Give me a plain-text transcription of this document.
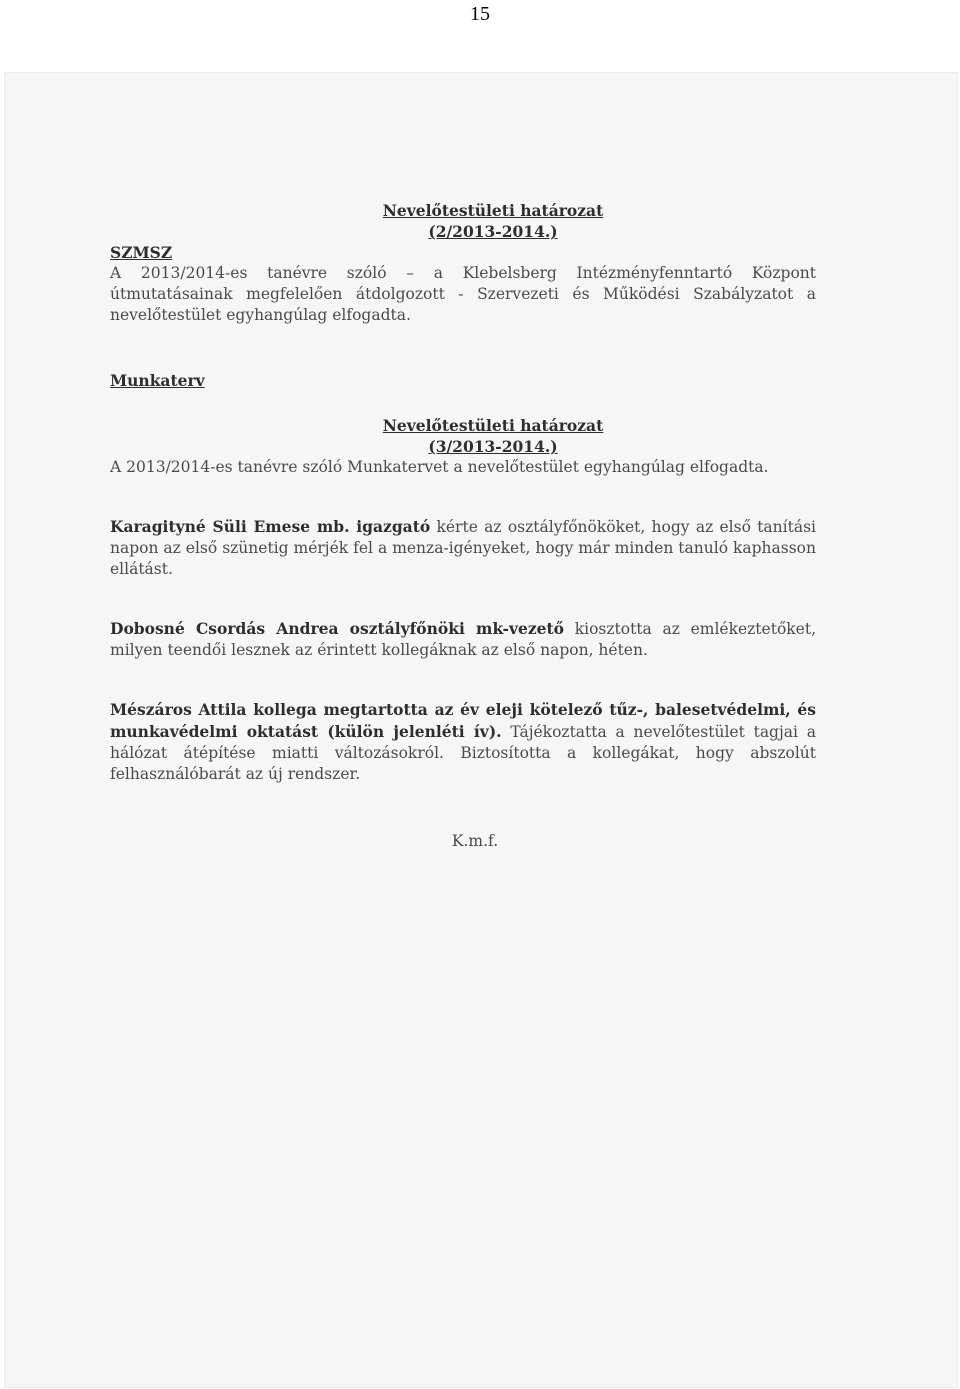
15
Nevelőtestületi határozat
(2/2013-2014.)
SZMSZ

A 2013/2014-es tanévre szóló – a Klebelsberg Intézményfenntartó Központ útmutatásainak megfelelően átdolgozott - Szervezeti és Működési Szabályzatot a nevelőtestület egyhangúlag elfogadta.

Munkaterv
Nevelőtestületi határozat
(3/2013-2014.)

A 2013/2014-es tanévre szóló Munkatervet a nevelőtestület egyhangúlag elfogadta.

Karagityné Süli Emese mb. igazgató kérte az osztályfőnököket, hogy az első tanítási napon az első szünetig mérjék fel a menza-igényeket, hogy már minden tanuló kaphasson ellátást.

Dobosné Csordás Andrea osztályfőnöki mk-vezető kiosztotta az emlékeztetőket, milyen teendői lesznek az érintett kollegáknak az első napon, héten.

Mészáros Attila kollega megtartotta az év eleji kötelező tűz-, balesetvédelmi, és munkavédelmi oktatást (külön jelenléti ív). Tájékoztatta a nevelőtestület tagjai a hálózat átépítése miatti változásokról. Biztosította a kollegákat, hogy abszolút felhasználóbarát az új rendszer.

K.m.f.
